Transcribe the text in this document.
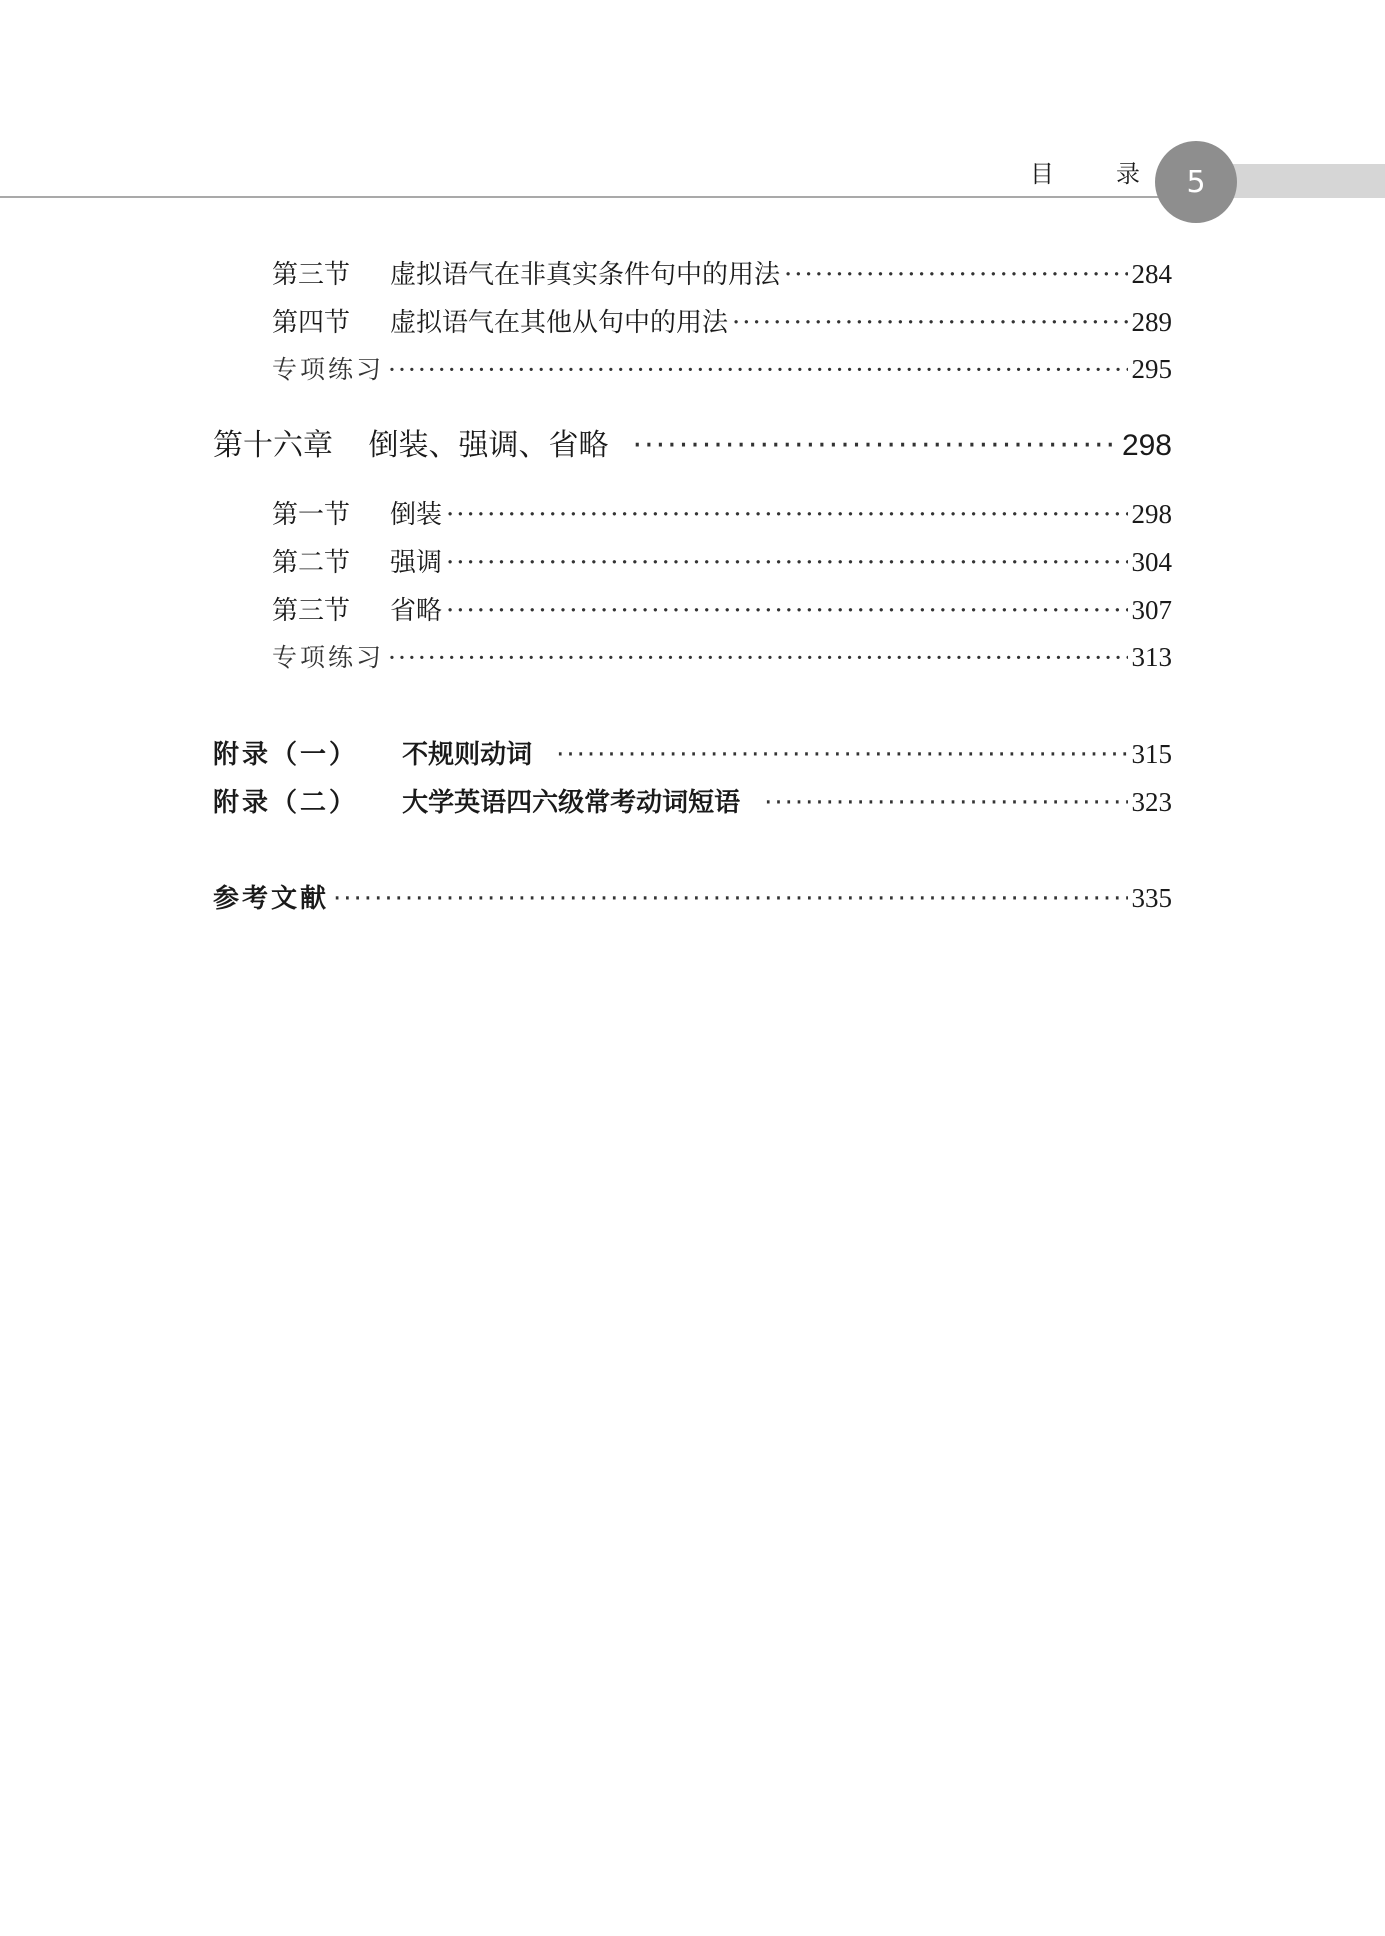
目	录 5
第三节	虚拟语气在非真实条件句中的用法 ·····	284
第四节	虚拟语气在其他从句中的用法 ·····	289
专项练习 ·····	295
第十六章 倒装、强调、省略 ·····	298
第一节	倒装 ·····	298
第二节	强调 ·····	304
第三节	省略 ·····	307
专项练习 ·····	313
附录（一） 不规则动词 ·····	315
附录（二） 大学英语四六级常考动词短语 ·····	323
参考文献 ·····	335
